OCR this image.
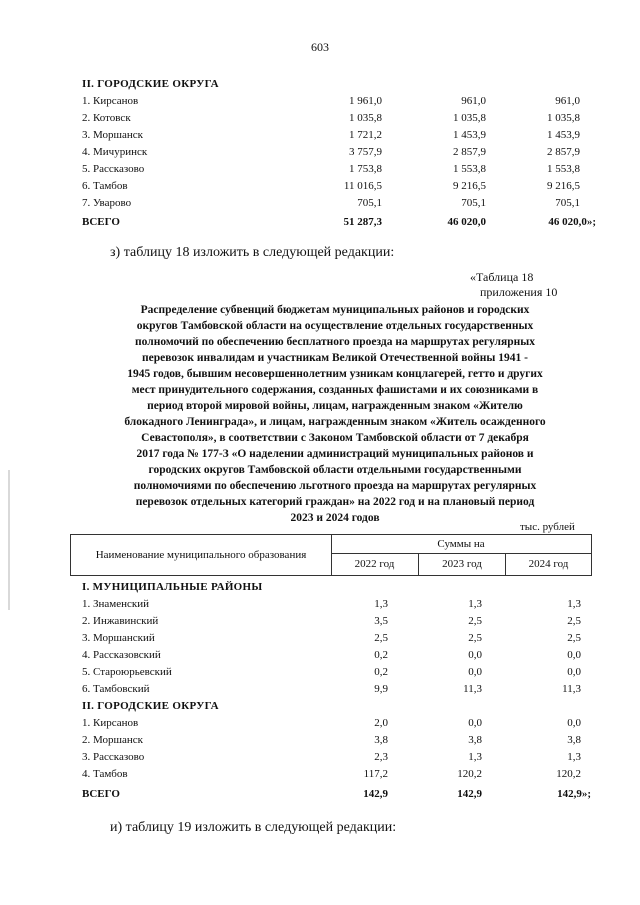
603
II. ГОРОДСКИЕ ОКРУГА
1. Кирсанов	1 961,0	961,0	961,0
2. Котовск	1 035,8	1 035,8	1 035,8
3. Моршанск	1 721,2	1 453,9	1 453,9
4. Мичуринск	3 757,9	2 857,9	2 857,9
5. Рассказово	1 753,8	1 553,8	1 553,8
6. Тамбов	11 016,5	9 216,5	9 216,5
7. Уварово	705,1	705,1	705,1
ВСЕГО	51 287,3	46 020,0	46 020,0»;
з) таблицу 18 изложить в следующей редакции:
«Таблица 18
приложения 10
Распределение субвенций бюджетам муниципальных районов и городских
округов Тамбовской области на осуществление отдельных государственных
полномочий по обеспечению бесплатного проезда на маршрутах регулярных
перевозок инвалидам и участникам Великой Отечественной войны 1941 -
1945 годов, бывшим несовершеннолетним узникам концлагерей, гетто и других
мест принудительного содержания, созданных фашистами и их союзниками в
период второй мировой войны, лицам, награжденным знаком «Жителю
блокадного Ленинграда», и лицам, награжденным знаком «Житель осажденного
Севастополя», в соответствии с Законом Тамбовской области от 7 декабря
2017 года № 177-З «О наделении администраций муниципальных районов и
городских округов Тамбовской области отдельными государственными
полномочиями по обеспечению льготного проезда на маршрутах регулярных
перевозок отдельных категорий граждан» на 2022 год и на плановый период
2023 и 2024 годов
тыс. рублей
Наименование муниципального образования
Суммы на
2022 год	2023 год	2024 год
I. МУНИЦИПАЛЬНЫЕ РАЙОНЫ
1. Знаменский	1,3	1,3	1,3
2. Инжавинский	3,5	2,5	2,5
3. Моршанский	2,5	2,5	2,5
4. Рассказовский	0,2	0,0	0,0
5. Староюрьевский	0,2	0,0	0,0
6. Тамбовский	9,9	11,3	11,3
II. ГОРОДСКИЕ ОКРУГА
1. Кирсанов	2,0	0,0	0,0
2. Моршанск	3,8	3,8	3,8
3. Рассказово	2,3	1,3	1,3
4. Тамбов	117,2	120,2	120,2
ВСЕГО	142,9	142,9	142,9»;
и) таблицу 19 изложить в следующей редакции:
